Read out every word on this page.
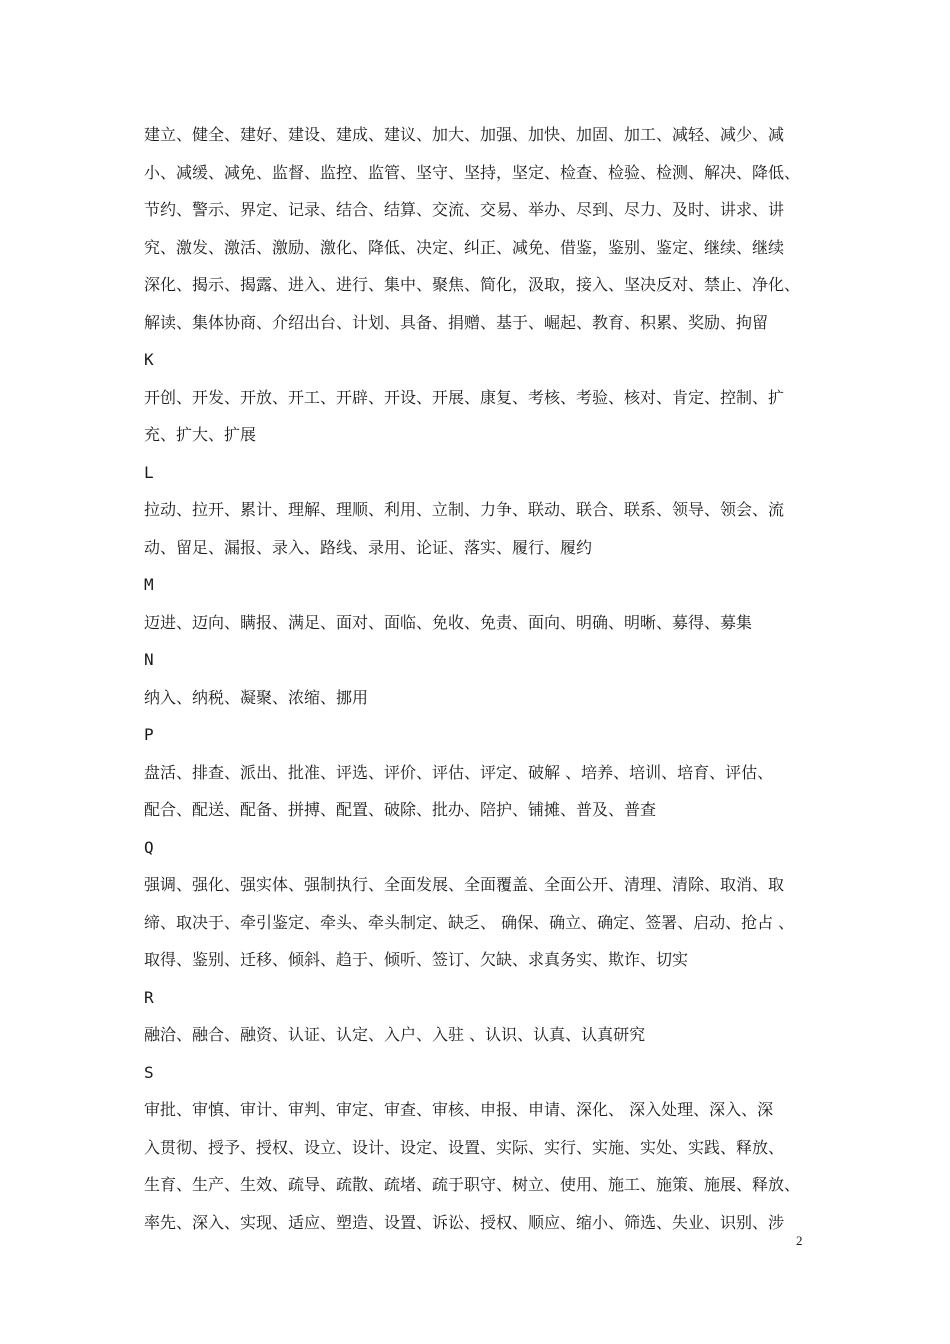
建立、健全、建好、建设、建成、建议、加大、加强、加快、加固、加工、减轻、减少、减
小、减缓、减免、监督、监控、监管、坚守、坚持，坚定、检查、检验、检测、解决、降低、
节约、警示、界定、记录、结合、结算、交流、交易、举办、尽到、尽力、及时、讲求、讲
究、激发、激活、激励、激化、降低、决定、纠正、减免、借鉴，鉴别、鉴定、继续、继续
深化、揭示、揭露、进入、进行、集中、聚焦、简化，汲取，接入、坚决反对、禁止、净化、
解读、集体协商、介绍出台、计划、具备、捐赠、基于、崛起、教育、积累、奖励、拘留
K
开创、开发、开放、开工、开辟、开设、开展、康复、考核、考验、核对、肯定、控制、扩
充、扩大、扩展
L
拉动、拉开、累计、理解、理顺、利用、立制、力争、联动、联合、联系、领导、领会、流
动、留足、漏报、录入、路线、录用、论证、落实、履行、履约
M
迈进、迈向、瞒报、满足、面对、面临、免收、免责、面向、明确、明晰、募得、募集
N
纳入、纳税、凝聚、浓缩、挪用
P
盘活、排查、派出、批准、评选、评价、评估、评定、破解 、培养、培训、培育、评估、
配合、配送、配备、拼搏、配置、破除、批办、陪护、铺摊、普及、普查
Q
强调、强化、强实体、强制执行、全面发展、全面覆盖、全面公开、清理、清除、取消、取
缔、取决于、牵引鉴定、牵头、牵头制定、缺乏、 确保、确立、确定、签署、启动、抢占 、
取得、鉴别、迁移、倾斜、趋于、倾听、签订、欠缺、求真务实、欺诈、切实
R
融洽、融合、融资、认证、认定、入户、入驻 、认识、认真、认真研究
S
审批、审慎、审计、审判、审定、审查、审核、申报、申请、深化、 深入处理、深入、深
入贯彻、授予、授权、设立、设计、设定、设置、实际、实行、实施、实处、实践、释放、
生育、生产、生效、疏导、疏散、疏堵、疏于职守、树立、使用、施工、施策、施展、释放、
率先、深入、实现、适应、塑造、设置、诉讼、授权、顺应、缩小、筛选、失业、识别、涉
2
